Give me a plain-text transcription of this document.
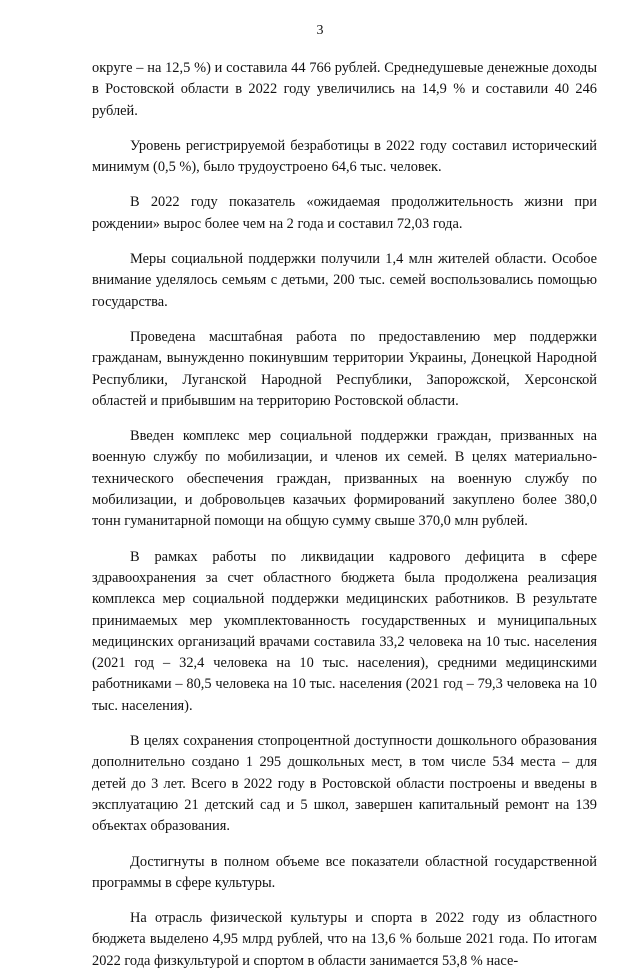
3

округе – на 12,5 %) и составила 44 766 рублей. Среднедушевые денежные доходы в Ростовской области в 2022 году увеличились на 14,9 % и составили 40 246 рублей.

Уровень регистрируемой безработицы в 2022 году составил исторический минимум (0,5 %), было трудоустроено 64,6 тыс. человек.

В 2022 году показатель «ожидаемая продолжительность жизни при рождении» вырос более чем на 2 года и составил 72,03 года.

Меры социальной поддержки получили 1,4 млн жителей области. Особое внимание уделялось семьям с детьми, 200 тыс. семей воспользовались помощью государства.

Проведена масштабная работа по предоставлению мер поддержки гражданам, вынужденно покинувшим территории Украины, Донецкой Народной Республики, Луганской Народной Республики, Запорожской, Херсонской областей и прибывшим на территорию Ростовской области.

Введен комплекс мер социальной поддержки граждан, призванных на военную службу по мобилизации, и членов их семей. В целях материально-технического обеспечения граждан, призванных на военную службу по мобилизации, и добровольцев казачьих формирований закуплено более 380,0 тонн гуманитарной помощи на общую сумму свыше 370,0 млн рублей.

В рамках работы по ликвидации кадрового дефицита в сфере здравоохранения за счет областного бюджета была продолжена реализация комплекса мер социальной поддержки медицинских работников. В результате принимаемых мер укомплектованность государственных и муниципальных медицинских организаций врачами составила 33,2 человека на 10 тыс. населения (2021 год – 32,4 человека на 10 тыс. населения), средними медицинскими работниками – 80,5 человека на 10 тыс. населения (2021 год – 79,3 человека на 10 тыс. населения).

В целях сохранения стопроцентной доступности дошкольного образования дополнительно создано 1 295 дошкольных мест, в том числе 534 места – для детей до 3 лет. Всего в 2022 году в Ростовской области построены и введены в эксплуатацию 21 детский сад и 5 школ, завершен капитальный ремонт на 139 объектах образования.

Достигнуты в полном объеме все показатели областной государственной программы в сфере культуры.

На отрасль физической культуры и спорта в 2022 году из областного бюджета выделено 4,95 млрд рублей, что на 13,6 % больше 2021 года. По итогам 2022 года физкультурой и спортом в области занимается 53,8 % насе-
